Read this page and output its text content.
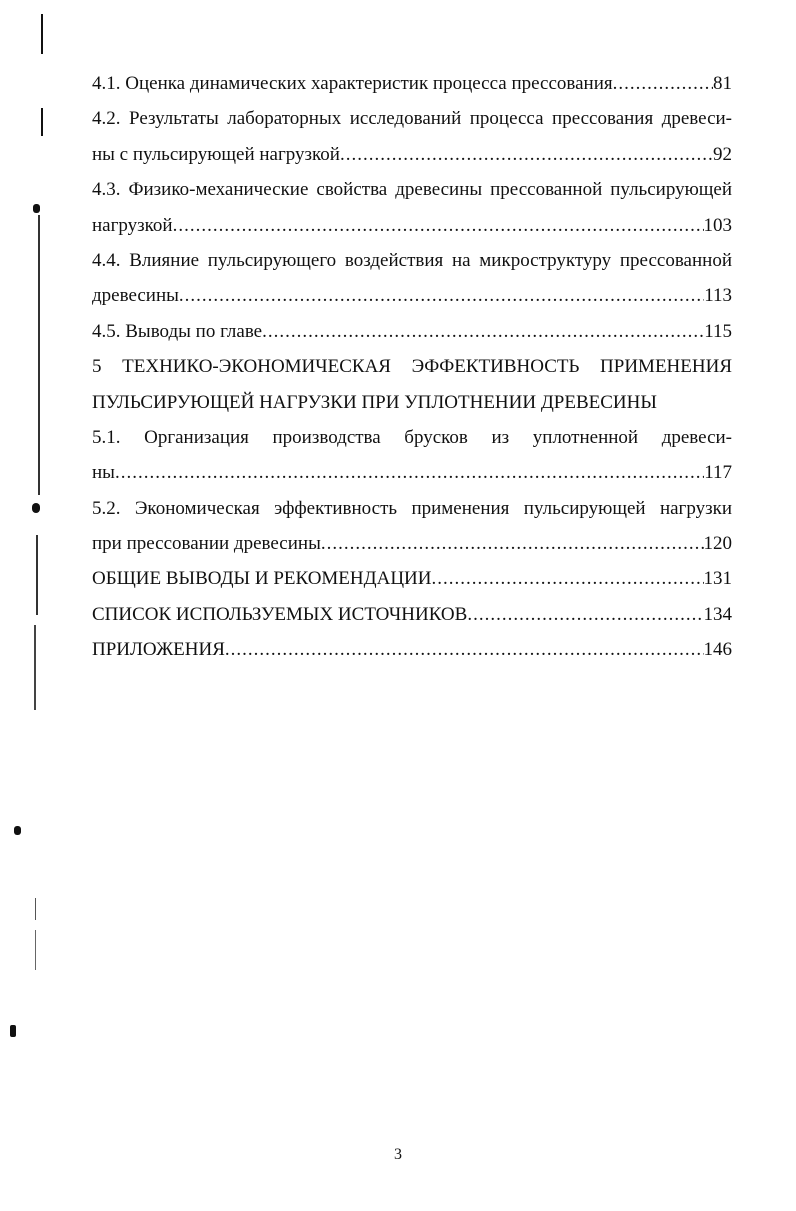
4.1. Оценка динамических характеристик процесса прессования .....	81
4.2. Результаты лабораторных исследований процесса прессования древеси-
ны с пульсирующей нагрузкой .....	92
4.3. Физико-механические свойства древесины прессованной пульсирующей
нагрузкой .....	103
4.4. Влияние пульсирующего воздействия на микроструктуру прессованной
древесины .....	113
4.5. Выводы по главе .....	115
5 ТЕХНИКО-ЭКОНОМИЧЕСКАЯ ЭФФЕКТИВНОСТЬ ПРИМЕНЕНИЯ
ПУЛЬСИРУЮЩЕЙ НАГРУЗКИ ПРИ УПЛОТНЕНИИ ДРЕВЕСИНЫ
5.1. Организация производства брусков из уплотненной древеси-
ны .....	117
5.2. Экономическая эффективность применения пульсирующей нагрузки
при прессовании древесины .....	120
ОБЩИЕ ВЫВОДЫ И РЕКОМЕНДАЦИИ .....	131
СПИСОК ИСПОЛЬЗУЕМЫХ ИСТОЧНИКОВ .....	134
ПРИЛОЖЕНИЯ .....	146
3
